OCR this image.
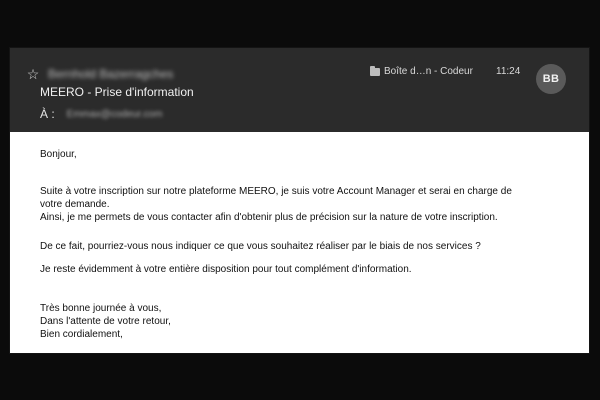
☆ Bernhold Bazerragches
MEERO - Prise d'information
À : Emmax@codeur.com
Boîte d…n - Codeur 11:24
BB

Bonjour,

Suite à votre inscription sur notre plateforme MEERO, je suis votre Account Manager et serai en charge de

votre demande.

Ainsi, je me permets de vous contacter afin d'obtenir plus de précision sur la nature de votre inscription.

De ce fait, pourriez-vous nous indiquer ce que vous souhaitez réaliser par le biais de nos services ?

Je reste évidemment à votre entière disposition pour tout complément d'information.

Très bonne journée à vous,

Dans l'attente de votre retour,

Bien cordialement,
